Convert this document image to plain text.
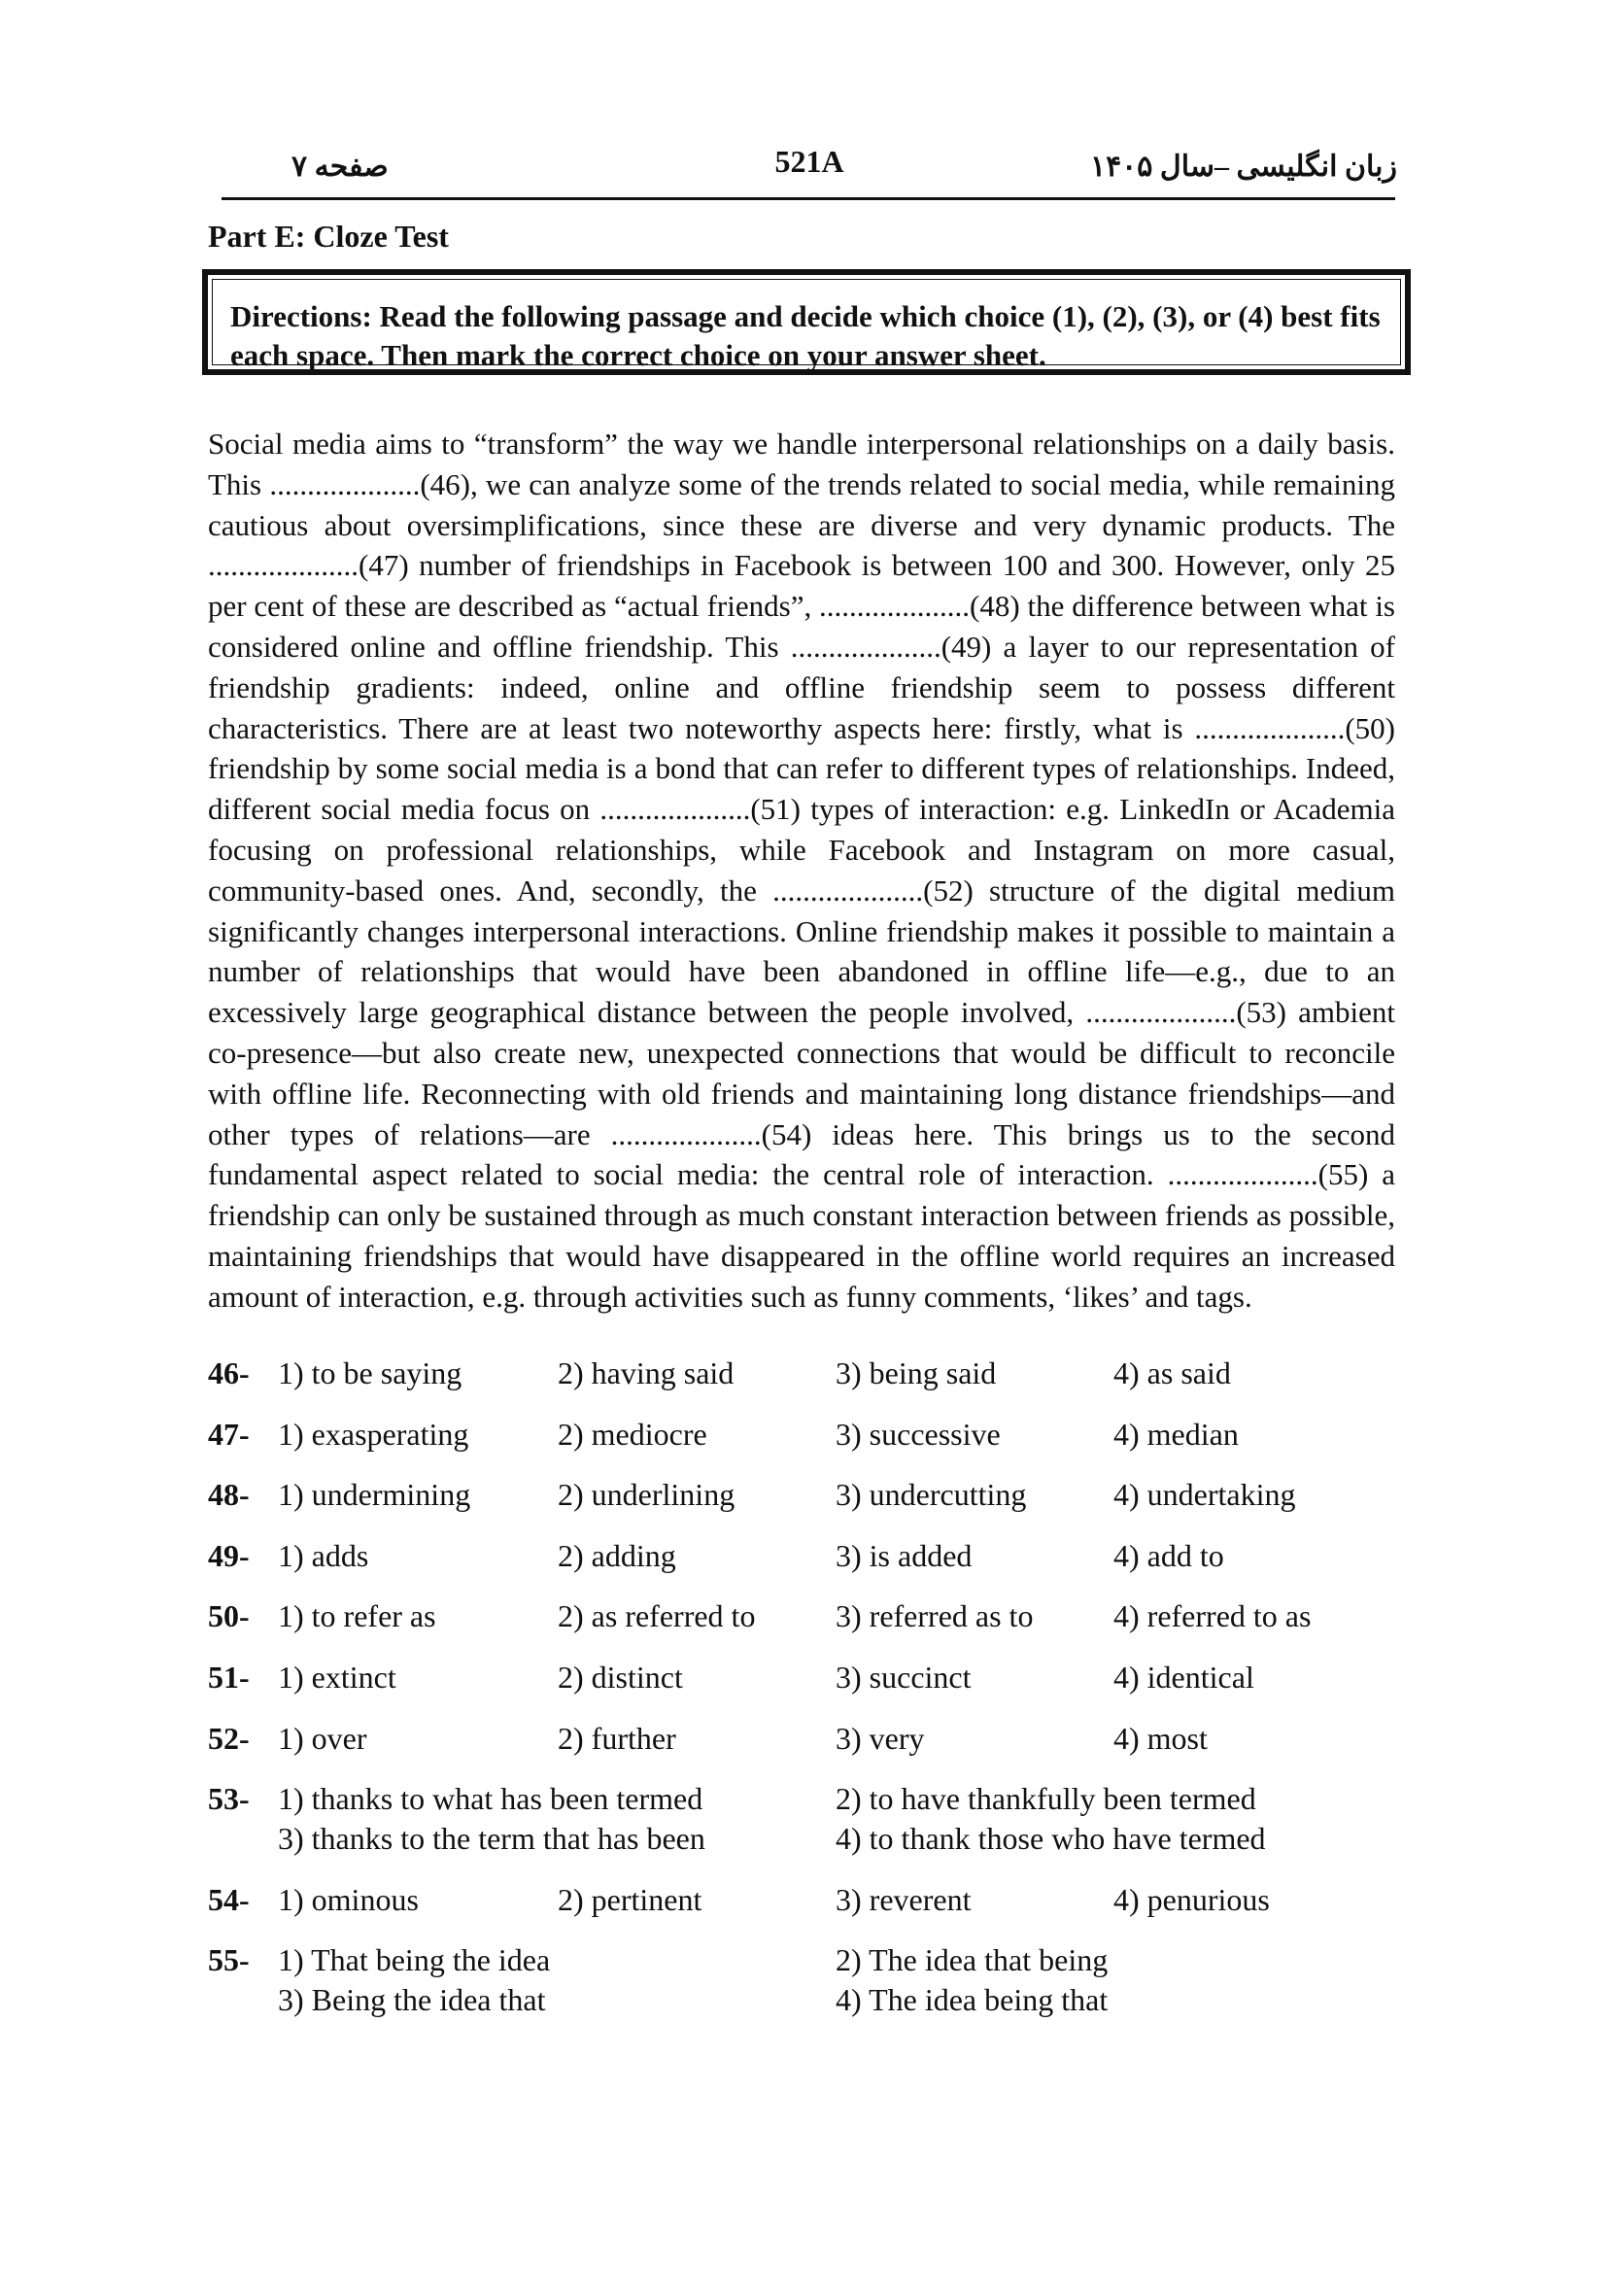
صفحه ۷	521A	زبان انگلیسی –سال ۱۴۰۵
Part E: Cloze Test
Directions: Read the following passage and decide which choice (1), (2), (3), or (4) best fits each space. Then mark the correct choice on your answer sheet.

Social media aims to “transform” the way we handle interpersonal relationships on a daily basis. This ....................(46), we can analyze some of the trends related to social media, while remaining cautious about oversimplifications, since these are diverse and very dynamic products. The ....................(47) number of friendships in Facebook is between 100 and 300. However, only 25 per cent of these are described as “actual friends”, ....................(48) the difference between what is considered online and offline friendship. This ....................(49) a layer to our representation of friendship gradients: indeed, online and offline friendship seem to possess different characteristics. There are at least two noteworthy aspects here: firstly, what is ....................(50) friendship by some social media is a bond that can refer to different types of relationships. Indeed, different social media focus on ....................(51) types of interaction: e.g. LinkedIn or Academia focusing on professional relationships, while Facebook and Instagram on more casual, community-based ones. And, secondly, the ....................(52) structure of the digital medium significantly changes interpersonal interactions. Online friendship makes it possible to maintain a number of relationships that would have been abandoned in offline life—e.g., due to an excessively large geographical distance between the people involved, ....................(53) ambient co-presence—but also create new, unexpected connections that would be difficult to reconcile with offline life. Reconnecting with old friends and maintaining long distance friendships—and other types of relations—are ....................(54) ideas here. This brings us to the second fundamental aspect related to social media: the central role of interaction. ....................(55) a friendship can only be sustained through as much constant interaction between friends as possible, maintaining friendships that would have disappeared in the offline world requires an increased amount of interaction, e.g. through activities such as funny comments, ‘likes’ and tags.

46- 1) to be saying	2) having said	3) being said	4) as said
47- 1) exasperating	2) mediocre	3) successive	4) median
48- 1) undermining	2) underlining	3) undercutting	4) undertaking
49- 1) adds	2) adding	3) is added	4) add to
50- 1) to refer as	2) as referred to	3) referred as to	4) referred to as
51- 1) extinct	2) distinct	3) succinct	4) identical
52- 1) over	2) further	3) very	4) most
53- 1) thanks to what has been termed	2) to have thankfully been termed
3) thanks to the term that has been	4) to thank those who have termed
54- 1) ominous	2) pertinent	3) reverent	4) penurious
55- 1) That being the idea	2) The idea that being
3) Being the idea that	4) The idea being that
